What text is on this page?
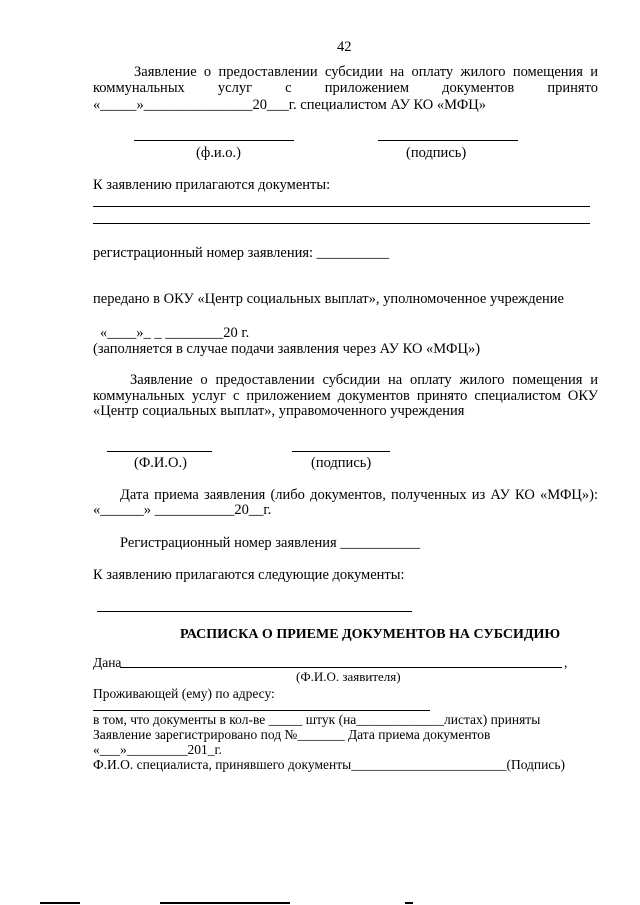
42
Заявление о предоставлении субсидии на оплату жилого помещения и
коммунальных услуг с приложением документов принято
«_____»_______________20___г. специалистом АУ КО «МФЦ»
(ф.и.о.)	(подпись)
К заявлению прилагаются документы:
регистрационный номер заявления: __________
передано в ОКУ «Центр социальных выплат», уполномоченное учреждение
«____»_ _ ________20 г.
(заполняется в случае подачи заявления через АУ КО «МФЦ»)
Заявление о предоставлении субсидии на оплату жилого помещения и
коммунальных услуг с приложением документов принято специалистом ОКУ
«Центр социальных выплат», управомоченного учреждения
(Ф.И.О.)	(подпись)
Дата приема заявления (либо документов, полученных из АУ КО «МФЦ»):
«______» ___________20__г.
Регистрационный номер заявления ___________
К заявлению прилагаются следующие документы:
РАСПИСКА О ПРИЕМЕ ДОКУМЕНТОВ НА СУБСИДИЮ
Дана	,
(Ф.И.О. заявителя)
Проживающей (ему) по адресу:
в том, что документы в кол-ве _____ штук (на_____________листах) приняты
Заявление зарегистрировано под №_______ Дата приема документов
«___»_________201_г.
Ф.И.О. специалиста, принявшего документы_______________________(Подпись)
